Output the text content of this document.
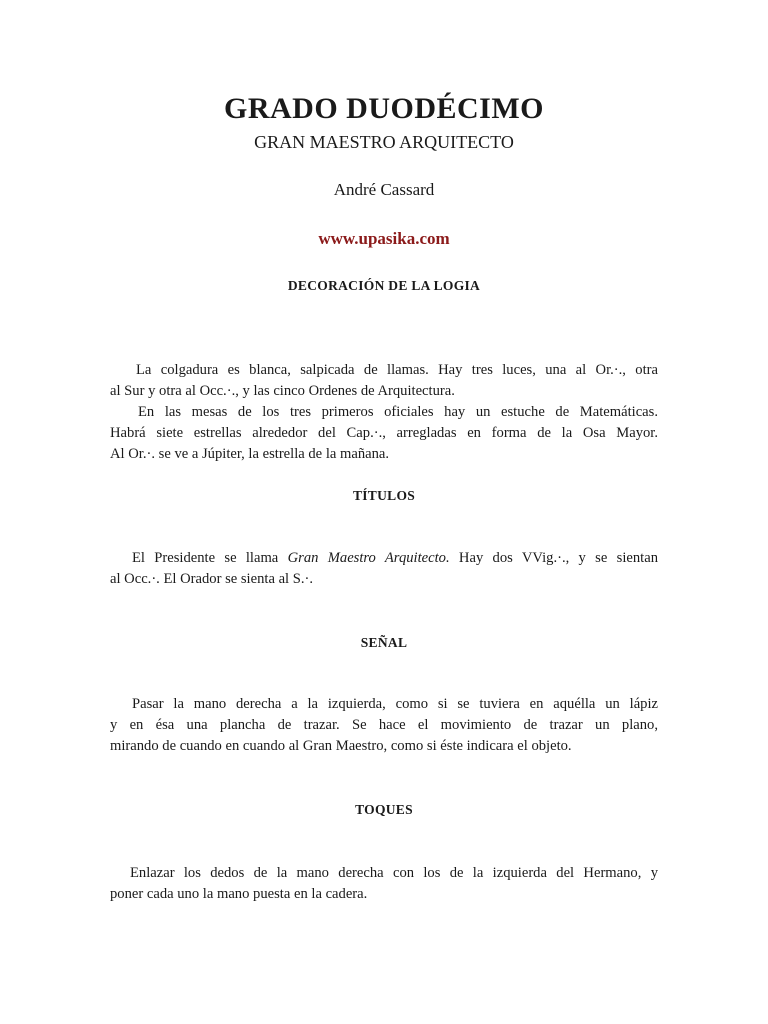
GRADO DUODÉCIMO
GRAN MAESTRO ARQUITECTO
André Cassard
www.upasika.com
DECORACIÓN DE LA LOGIA
La colgadura es blanca, salpicada de llamas. Hay tres luces, una al Or.·., otra
al Sur y otra al Occ.·., y las cinco Ordenes de Arquitectura.
En las mesas de los tres primeros oficiales hay un estuche de Matemáticas.
Habrá siete estrellas alrededor del Cap.·., arregladas en forma de la Osa Mayor.
Al Or.·. se ve a Júpiter, la estrella de la mañana.
TÍTULOS
El Presidente se llama Gran Maestro Arquitecto. Hay dos VVig.·., y se sientan
al Occ.·. El Orador se sienta al S.·.
SEÑAL
Pasar la mano derecha a la izquierda, como si se tuviera en aquélla un lápiz
y en ésa una plancha de trazar. Se hace el movimiento de trazar un plano,
mirando de cuando en cuando al Gran Maestro, como si éste indicara el objeto.
TOQUES
Enlazar los dedos de la mano derecha con los de la izquierda del Hermano, y
poner cada uno la mano puesta en la cadera.
